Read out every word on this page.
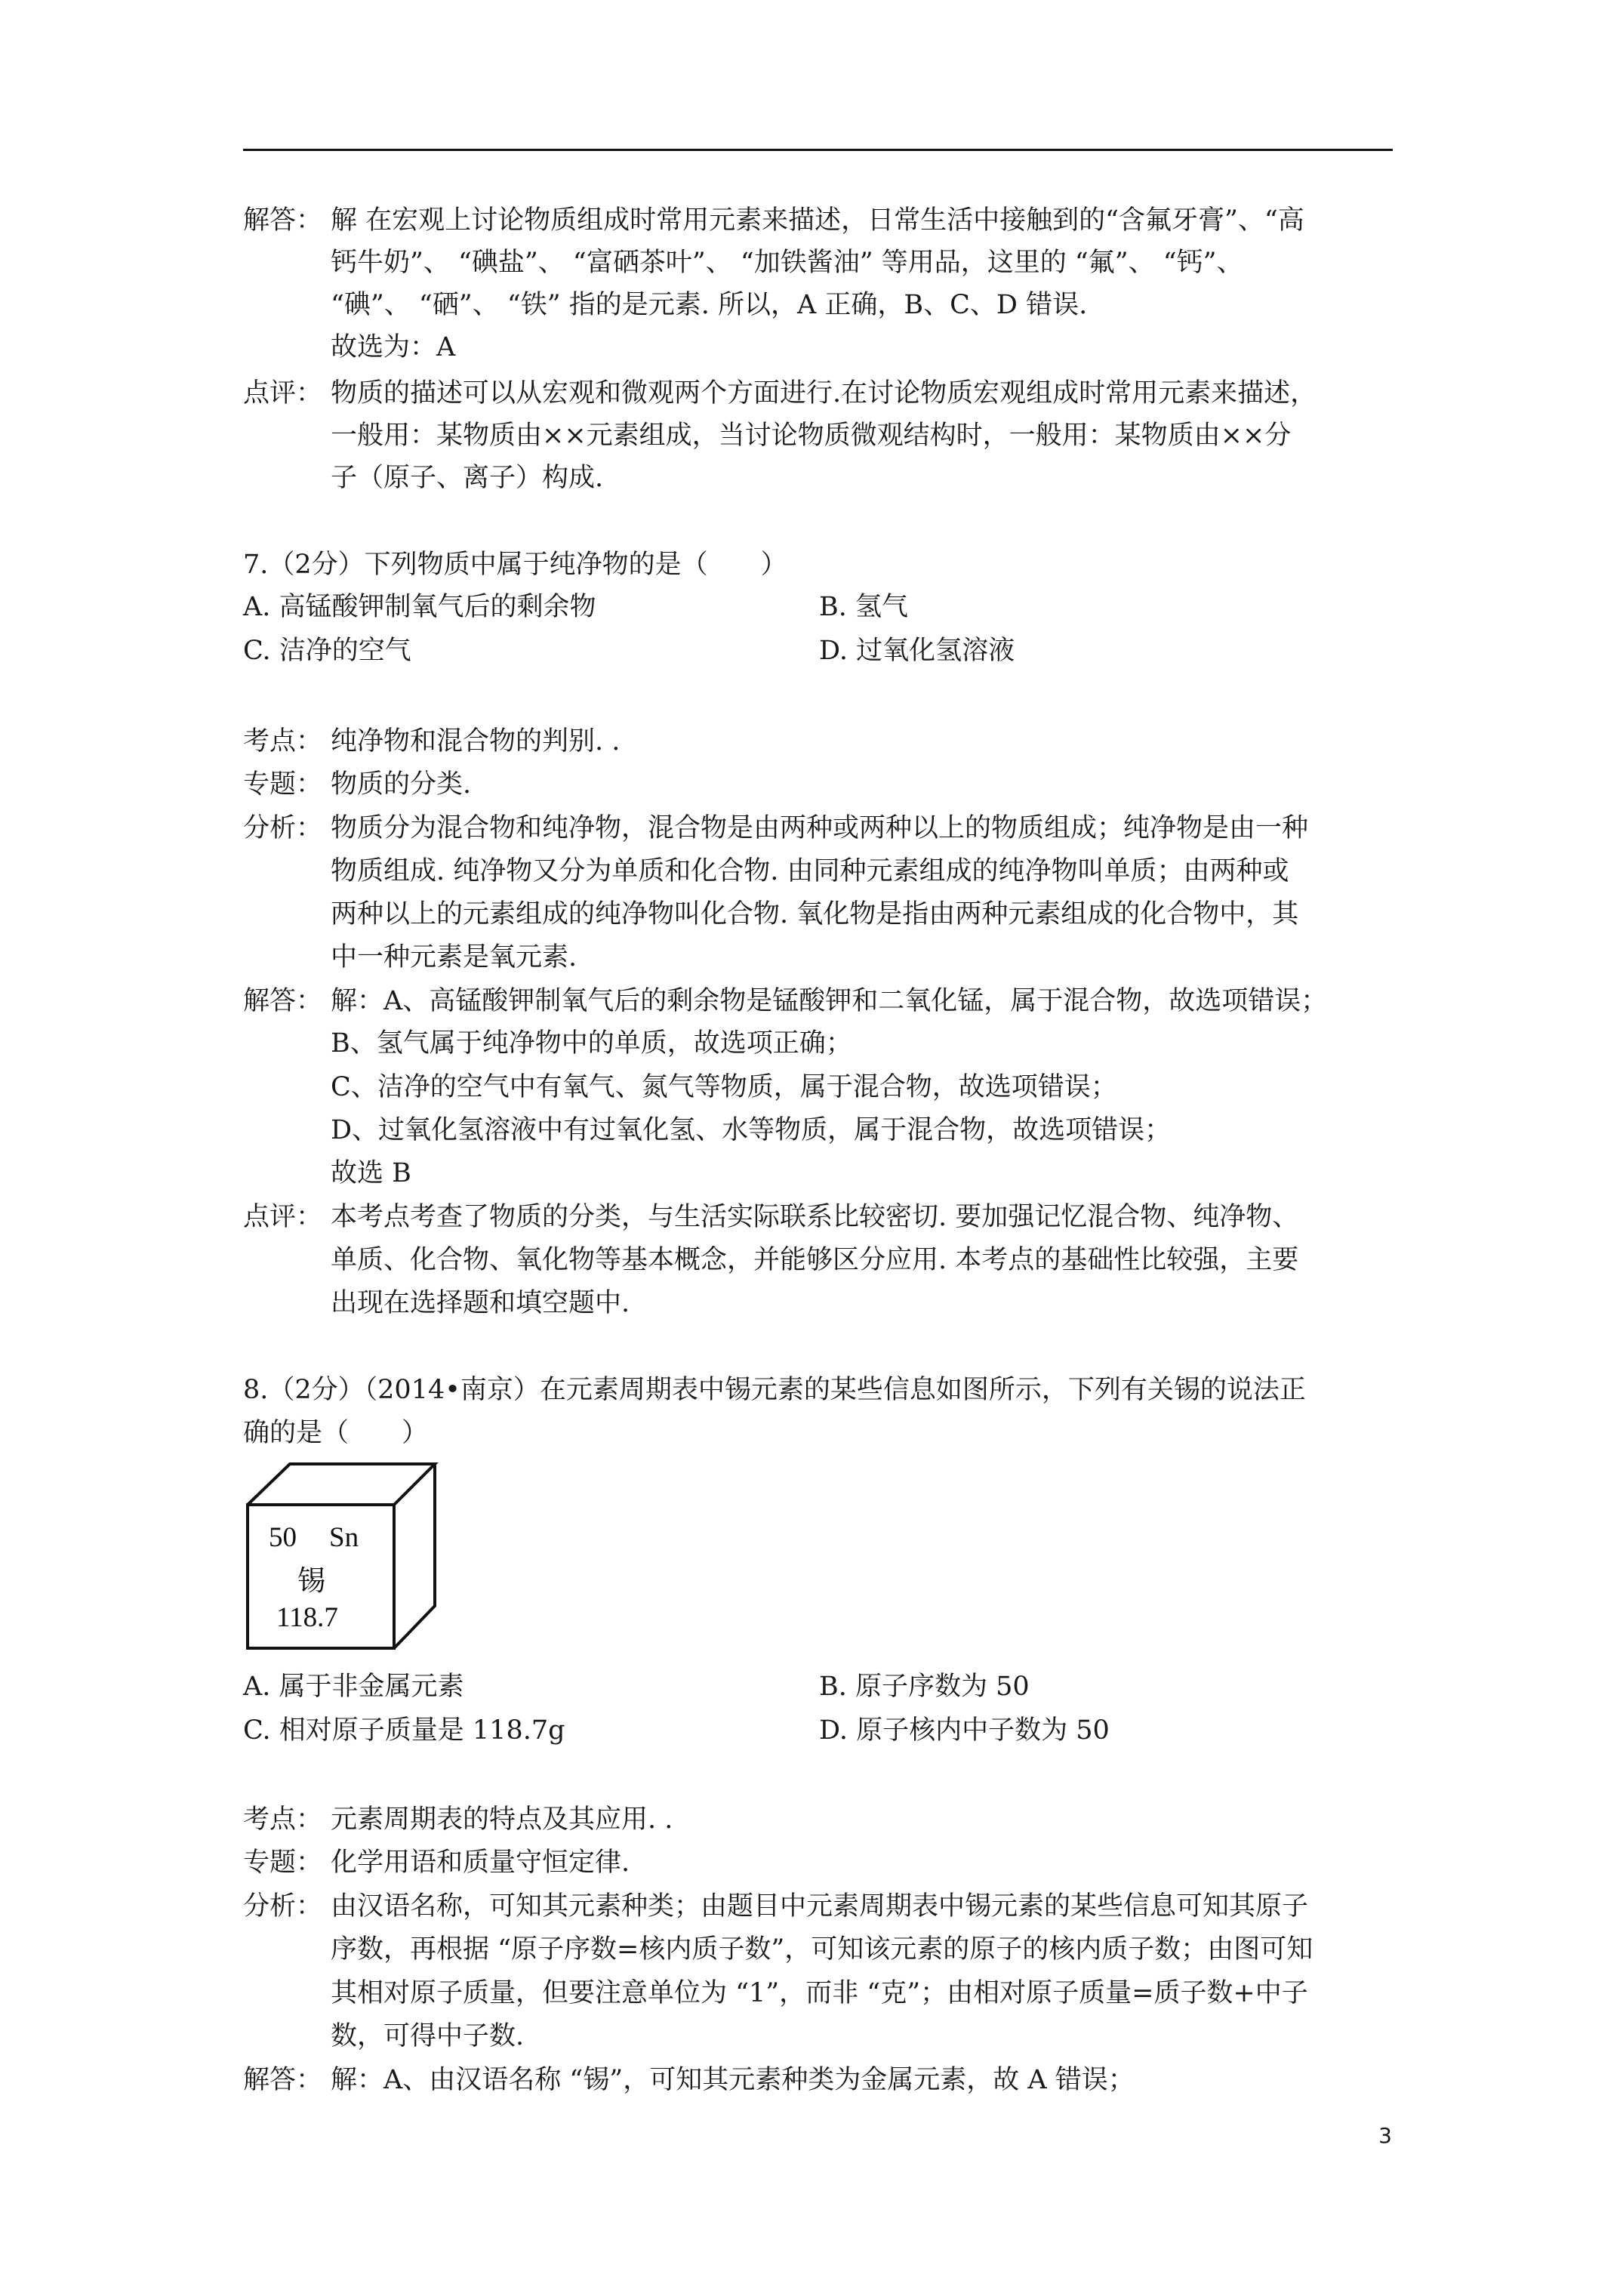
解答： 解 在宏观上讨论物质组成时常用元素来描述，日常生活中接触到的“含氟牙膏”、“高
钙牛奶”、 “碘盐”、 “富硒茶叶”、 “加铁酱油” 等用品，这里的 “氟”、 “钙”、
“碘”、 “硒”、 “铁” 指的是元素. 所以，A 正确，B、C、D 错误.
故选为：A
点评： 物质的描述可以从宏观和微观两个方面进行.在讨论物质宏观组成时常用元素来描述，
一般用：某物质由××元素组成，当讨论物质微观结构时，一般用：某物质由××分
子（原子、离子）构成.
7.（2分）下列物质中属于纯净物的是（　　）
A. 高锰酸钾制氧气后的剩余物	B. 氢气
C. 洁净的空气	D. 过氧化氢溶液
考点： 纯净物和混合物的判别. .
专题： 物质的分类.
分析： 物质分为混合物和纯净物，混合物是由两种或两种以上的物质组成；纯净物是由一种
物质组成. 纯净物又分为单质和化合物. 由同种元素组成的纯净物叫单质；由两种或
两种以上的元素组成的纯净物叫化合物. 氧化物是指由两种元素组成的化合物中，其
中一种元素是氧元素.
解答： 解：A、高锰酸钾制氧气后的剩余物是锰酸钾和二氧化锰，属于混合物，故选项错误；
B、氢气属于纯净物中的单质，故选项正确；
C、洁净的空气中有氧气、氮气等物质，属于混合物，故选项错误；
D、过氧化氢溶液中有过氧化氢、水等物质，属于混合物，故选项错误；
故选 B
点评： 本考点考查了物质的分类，与生活实际联系比较密切. 要加强记忆混合物、纯净物、
单质、化合物、氧化物等基本概念，并能够区分应用. 本考点的基础性比较强，主要
出现在选择题和填空题中.
8.（2分）（2014•南京）在元素周期表中锡元素的某些信息如图所示，下列有关锡的说法正
确的是（　　）
50 Sn
锡
118.7
A. 属于非金属元素	B. 原子序数为 50
C. 相对原子质量是 118.7g	D. 原子核内中子数为 50
考点： 元素周期表的特点及其应用. .
专题： 化学用语和质量守恒定律.
分析： 由汉语名称，可知其元素种类；由题目中元素周期表中锡元素的某些信息可知其原子
序数，再根据 “原子序数=核内质子数”，可知该元素的原子的核内质子数；由图可知
其相对原子质量，但要注意单位为 “1”，而非 “克”；由相对原子质量=质子数+中子
数，可得中子数.
解答： 解：A、由汉语名称 “锡”，可知其元素种类为金属元素，故 A 错误；
3
